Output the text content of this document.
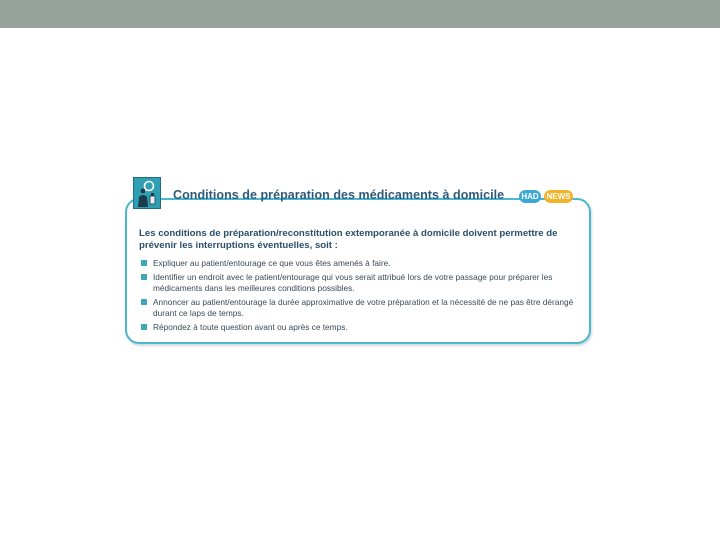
Les conditions de préparation/reconstitution extemporanée à domicile doivent permettre de prévenir les interruptions éventuelles, soit :
Expliquer au patient/entourage ce que vous êtes amenés à faire.
Identifier un endroit avec le patient/entourage qui vous serait attribué lors de votre passage pour préparer les médicaments dans les meilleures conditions possibles.
Annoncer au patient/entourage la durée approximative de votre préparation et la nécessité de ne pas être dérangé durant ce laps de temps.
Répondez à toute question avant ou après ce temps.
Conditions de préparation des médicaments à domicile HAD NEWS
